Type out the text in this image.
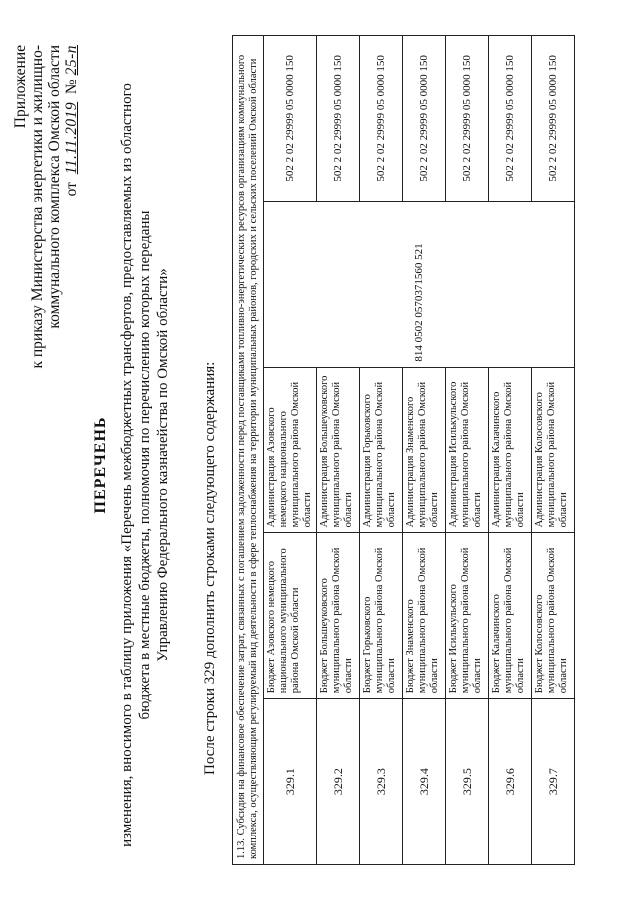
Приложение к приказу Министерства энергетики и жилищно- коммунального комплекса Омской области от  11.11.2019  № 25-п
ПЕРЕЧЕНЬ изменения, вносимого в таблицу приложения «Перечень межбюджетных трансфертов, предоставляемых из областного бюджета в местные бюджеты, полномочия по перечислению которых переданы Управлению Федерального казначейства по Омской области» После строки 329 дополнить строками следующего содержания: 1.13. Субсидия на финансовое обеспечение затрат, связанных с погашением задолженности перед поставщиками топливно-энергетических ресурсов организациям коммунального комплекса, осуществляющим регулируемый вид деятельности в сфере теплоснабжения на территории муниципальных районов, городских и сельских поселений Омской области				
329.1	Бюджет Азовского немецкого национального муниципального района Омской области	Администрация Азовского немецкого национального муниципального района Омской области	814 0502 0570371560 521	502 2 02 29999 05 0000 150
329.2	Бюджет Большеуковского муниципального района Омской области	Администрация Большеуковского муниципального района Омской области		502 2 02 29999 05 0000 150
329.3	Бюджет Горьковского муниципального района Омской области	Администрация Горьковского муниципального района Омской области		502 2 02 29999 05 0000 150
329.4	Бюджет Знаменского муниципального района Омской области	Администрация Знаменского муниципального района Омской области		502 2 02 29999 05 0000 150
329.5	Бюджет Исилькульского муниципального района Омской области	Администрация Исилькульского муниципального района Омской области		502 2 02 29999 05 0000 150
329.6	Бюджет Калачинского муниципального района Омской области	Администрация Калачинского муниципального района Омской области		502 2 02 29999 05 0000 150
329.7	Бюджет Колосовского муниципального района Омской области	Администрация Колосовского муниципального района Омской области		502 2 02 29999 05 0000 150
